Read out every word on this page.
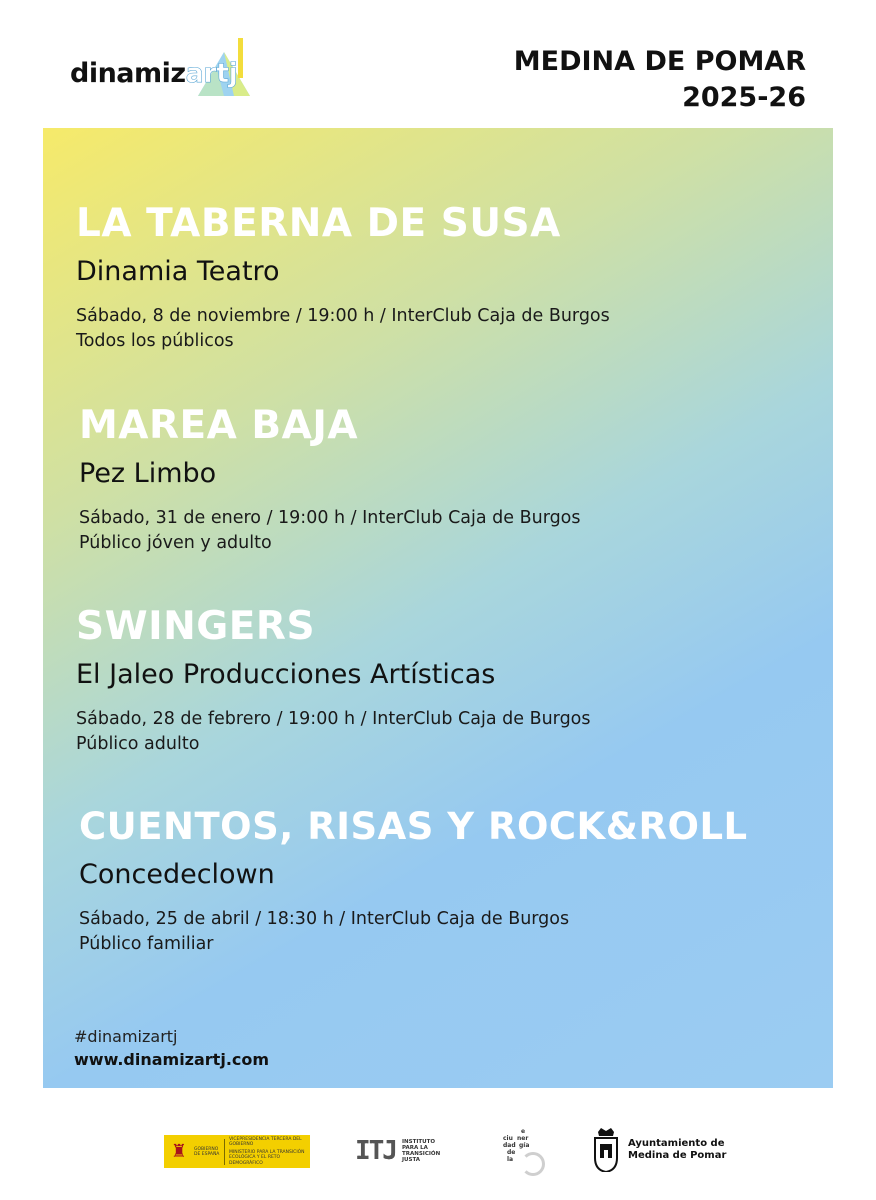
dinamizartj	MEDINA DE POMAR
2025-26
LA TABERNA DE SUSA
Dinamia Teatro
Sábado, 8 de noviembre / 19:00 h / InterClub Caja de Burgos
Todos los públicos
MAREA BAJA
Pez Limbo
Sábado, 31 de enero / 19:00 h / InterClub Caja de Burgos
Público jóven y adulto
SWINGERS
El Jaleo Producciones Artísticas
Sábado, 28 de febrero / 19:00 h / InterClub Caja de Burgos
Público adulto
CUENTOS, RISAS Y ROCK&ROLL
Concedeclown
Sábado, 25 de abril / 18:30 h / InterClub Caja de Burgos
Público familiar
#dinamizartj
www.dinamizartj.com
♜	GOBIERNO DE ESPAÑA
VICEPRESIDENCIA TERCERA DEL GOBIERNO
MINISTERIO PARA LA TRANSICIÓN ECOLÓGICA Y EL RETO DEMOGRÁFICO	ITJ INSTITUTO PARA LA TRANSICIÓN JUSTA
ciu
dad
de
la
e
ner
gía	Ayuntamiento de
Medina de Pomar
